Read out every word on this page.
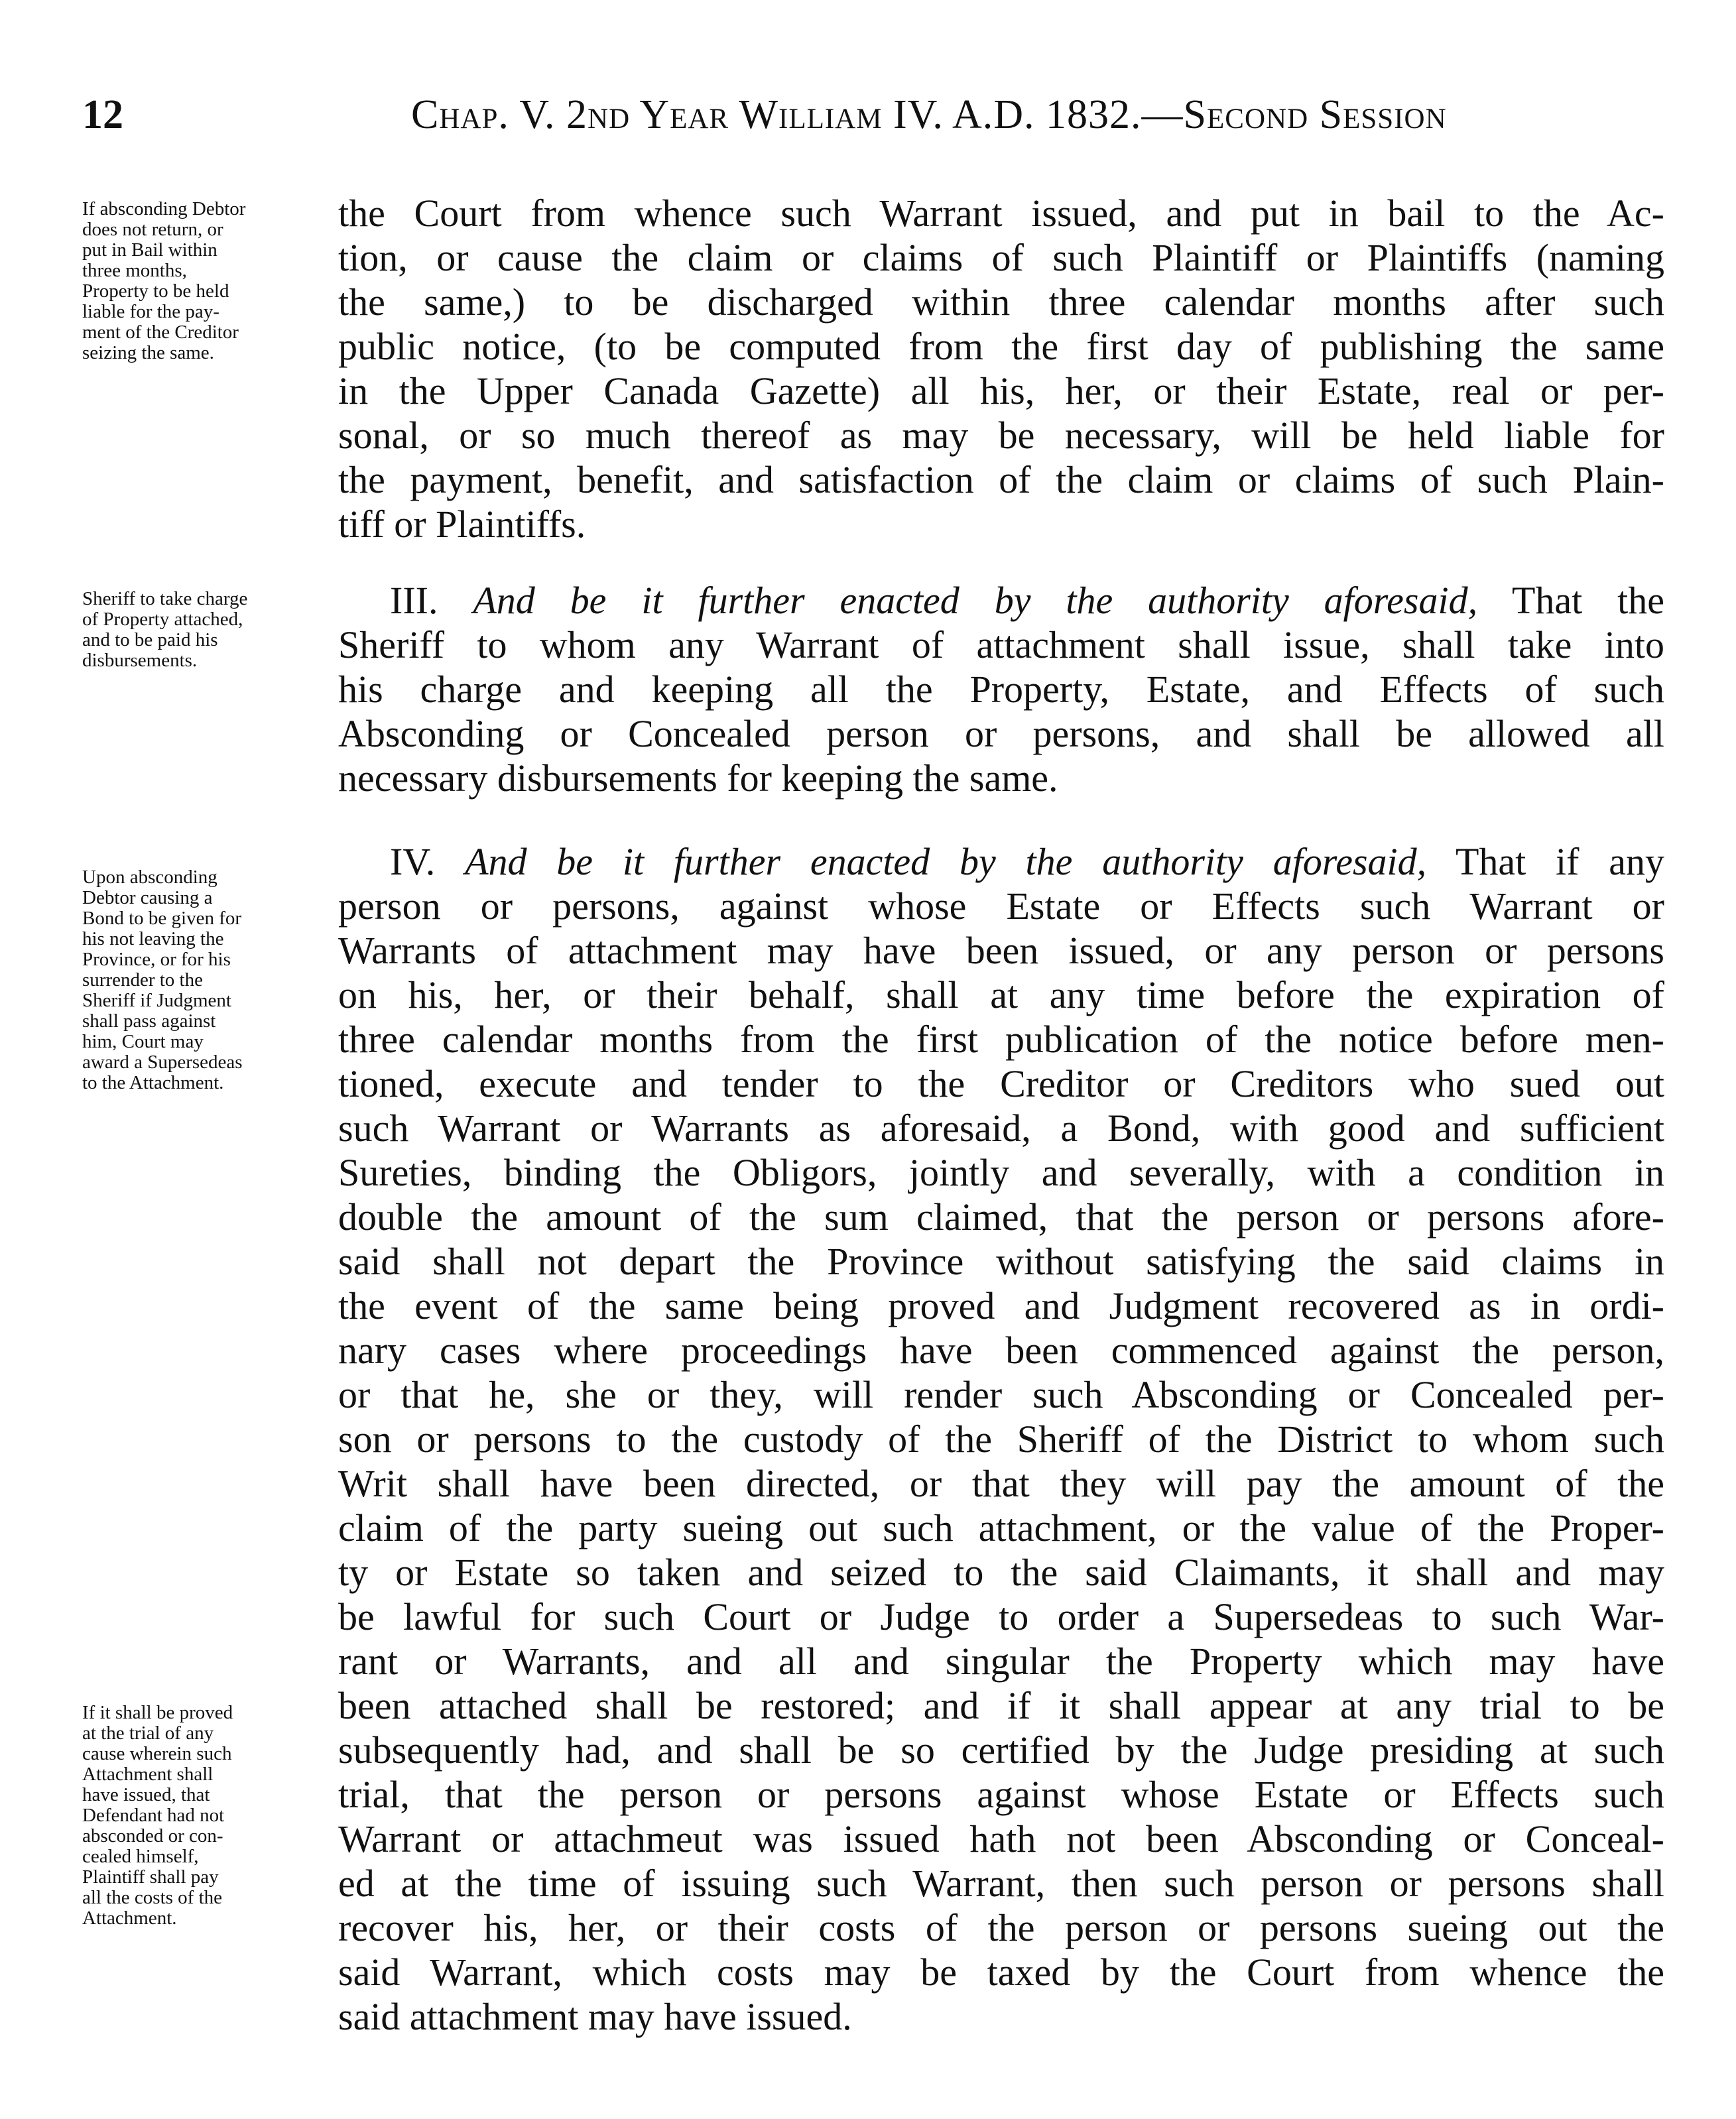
12	Chap. V. 2nd Year William IV. A.D. 1832.—Second Session
If absconding Debtor
does not return, or
put in Bail within
three months,
Property to be held
liable for the pay-
ment of the Creditor
seizing the same.
Sheriff to take charge
of Property attached,
and to be paid his
disbursements.
Upon absconding
Debtor causing a
Bond to be given for
his not leaving the
Province, or for his
surrender to the
Sheriff if Judgment
shall pass against
him, Court may
award a Supersedeas
to the Attachment.
If it shall be proved
at the trial of any
cause wherein such
Attachment shall
have issued, that
Defendant had not
absconded or con-
cealed himself,
Plaintiff shall pay
all the costs of the
Attachment.
the Court from whence such Warrant issued, and put in bail to the Ac-
tion, or cause the claim or claims of such Plaintiff or Plaintiffs (naming
the same,) to be discharged within three calendar months after such
public notice, (to be computed from the first day of publishing the same
in the Upper Canada Gazette) all his, her, or their Estate, real or per-
sonal, or so much thereof as may be necessary, will be held liable for
the payment, benefit, and satisfaction of the claim or claims of such Plain-
tiff or Plaintiffs.
III. And be it further enacted by the authority aforesaid, That the
Sheriff to whom any Warrant of attachment shall issue, shall take into
his charge and keeping all the Property, Estate, and Effects of such
Absconding or Concealed person or persons, and shall be allowed all
necessary disbursements for keeping the same.
IV. And be it further enacted by the authority aforesaid, That if any
person or persons, against whose Estate or Effects such Warrant or
Warrants of attachment may have been issued, or any person or persons
on his, her, or their behalf, shall at any time before the expiration of
three calendar months from the first publication of the notice before men-
tioned, execute and tender to the Creditor or Creditors who sued out
such Warrant or Warrants as aforesaid, a Bond, with good and sufficient
Sureties, binding the Obligors, jointly and severally, with a condition in
double the amount of the sum claimed, that the person or persons afore-
said shall not depart the Province without satisfying the said claims in
the event of the same being proved and Judgment recovered as in ordi-
nary cases where proceedings have been commenced against the person,
or that he, she or they, will render such Absconding or Concealed per-
son or persons to the custody of the Sheriff of the District to whom such
Writ shall have been directed, or that they will pay the amount of the
claim of the party sueing out such attachment, or the value of the Proper-
ty or Estate so taken and seized to the said Claimants, it shall and may
be lawful for such Court or Judge to order a Supersedeas to such War-
rant or Warrants, and all and singular the Property which may have
been attached shall be restored; and if it shall appear at any trial to be
subsequently had, and shall be so certified by the Judge presiding at such
trial, that the person or persons against whose Estate or Effects such
Warrant or attachmeut was issued hath not been Absconding or Conceal-
ed at the time of issuing such Warrant, then such person or persons shall
recover his, her, or their costs of the person or persons sueing out the
said Warrant, which costs may be taxed by the Court from whence the
said attachment may have issued.
